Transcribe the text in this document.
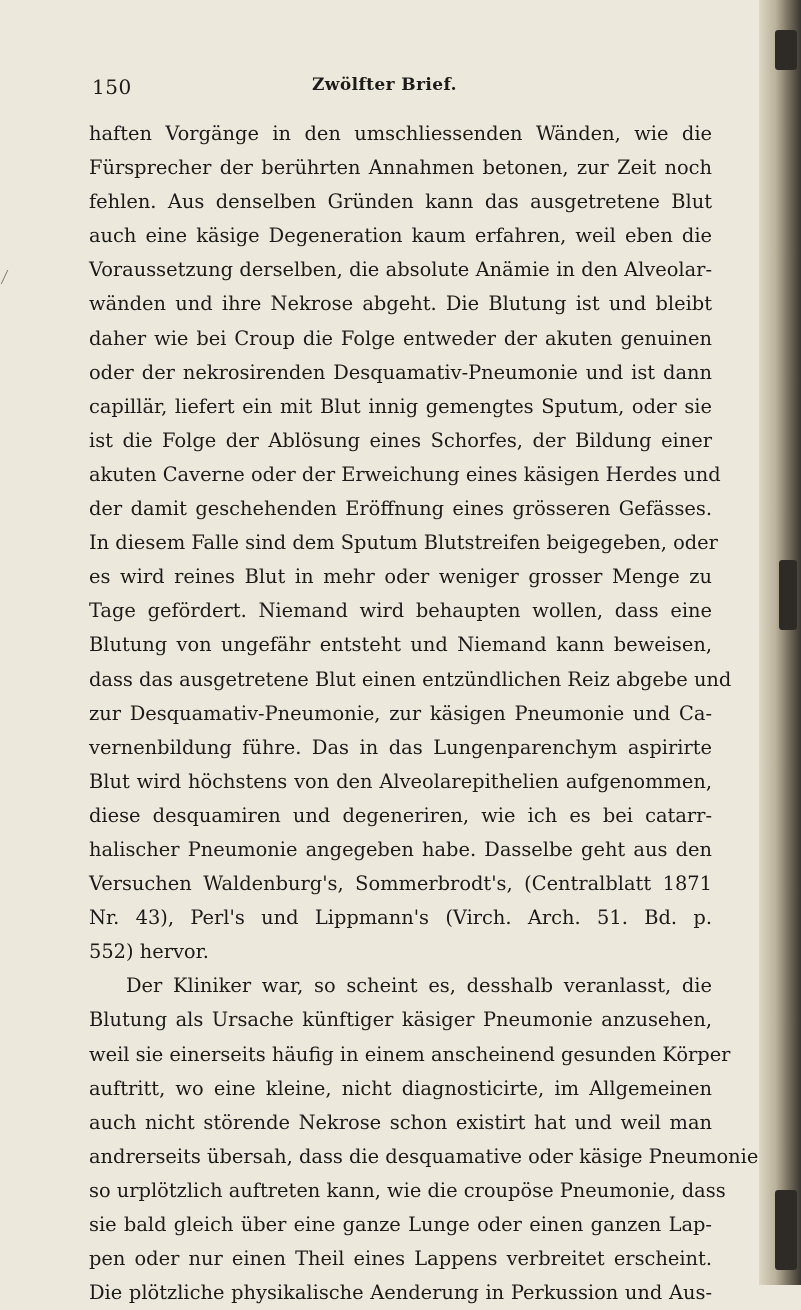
150	Zwölfter Brief.
haften Vorgänge in den umschliessenden Wänden, wie die
Fürsprecher der berührten Annahmen betonen, zur Zeit noch
fehlen. Aus denselben Gründen kann das ausgetretene Blut
auch eine käsige Degeneration kaum erfahren, weil eben die
Voraussetzung derselben, die absolute Anämie in den Alveolar-
wänden und ihre Nekrose abgeht. Die Blutung ist und bleibt
daher wie bei Croup die Folge entweder der akuten genuinen
oder der nekrosirenden Desquamativ-Pneumonie und ist dann
capillär, liefert ein mit Blut innig gemengtes Sputum, oder sie
ist die Folge der Ablösung eines Schorfes, der Bildung einer
akuten Caverne oder der Erweichung eines käsigen Herdes und
der damit geschehenden Eröffnung eines grösseren Gefässes.
In diesem Falle sind dem Sputum Blutstreifen beigegeben, oder
es wird reines Blut in mehr oder weniger grosser Menge zu
Tage gefördert. Niemand wird behaupten wollen, dass eine
Blutung von ungefähr entsteht und Niemand kann beweisen,
dass das ausgetretene Blut einen entzündlichen Reiz abgebe und
zur Desquamativ-Pneumonie, zur käsigen Pneumonie und Ca-
vernenbildung führe. Das in das Lungenparenchym aspirirte
Blut wird höchstens von den Alveolarepithelien aufgenommen,
diese desquamiren und degeneriren, wie ich es bei catarr-
halischer Pneumonie angegeben habe. Dasselbe geht aus den
Versuchen Waldenburg's, Sommerbrodt's, (Centralblatt 1871
Nr. 43), Perl's und Lippmann's (Virch. Arch. 51. Bd. p.
552) hervor.
Der Kliniker war, so scheint es, desshalb veranlasst, die
Blutung als Ursache künftiger käsiger Pneumonie anzusehen,
weil sie einerseits häufig in einem anscheinend gesunden Körper
auftritt, wo eine kleine, nicht diagnosticirte, im Allgemeinen
auch nicht störende Nekrose schon existirt hat und weil man
andrerseits übersah, dass die desquamative oder käsige Pneumonie
so urplötzlich auftreten kann, wie die croupöse Pneumonie, dass
sie bald gleich über eine ganze Lunge oder einen ganzen Lap-
pen oder nur einen Theil eines Lappens verbreitet erscheint.
Die plötzliche physikalische Aenderung in Perkussion und Aus-
